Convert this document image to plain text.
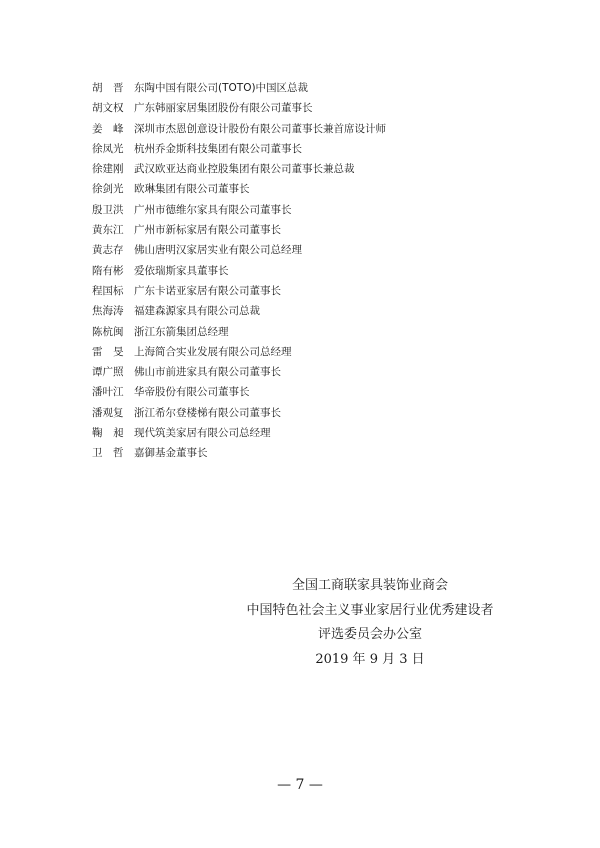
胡　晋	东陶中国有限公司(TOTO)中国区总裁
胡文权	广东韩丽家居集团股份有限公司董事长
姜　峰	深圳市杰恩创意设计股份有限公司董事长兼首席设计师
徐凤光	杭州乔金斯科技集团有限公司董事长
徐建刚	武汉欧亚达商业控股集团有限公司董事长兼总裁
徐剑光	欧琳集团有限公司董事长
殷卫洪	广州市德维尔家具有限公司董事长
黄东江	广州市新标家居有限公司董事长
黄志存	佛山唐明汉家居实业有限公司总经理
隋有彬	爱依瑞斯家具董事长
程国标	广东卡诺亚家居有限公司董事长
焦海涛	福建森源家具有限公司总裁
陈杭闽	浙江东箭集团总经理
雷　旻	上海简合实业发展有限公司总经理
谭广照	佛山市前进家具有限公司董事长
潘叶江	华帝股份有限公司董事长
潘观复	浙江希尔登楼梯有限公司董事长
鞠　昶	现代筑美家居有限公司总经理
卫　哲	嘉御基金董事长
全国工商联家具装饰业商会
中国特色社会主义事业家居行业优秀建设者
评选委员会办公室
2019 年 9 月 3 日
— 7 —
